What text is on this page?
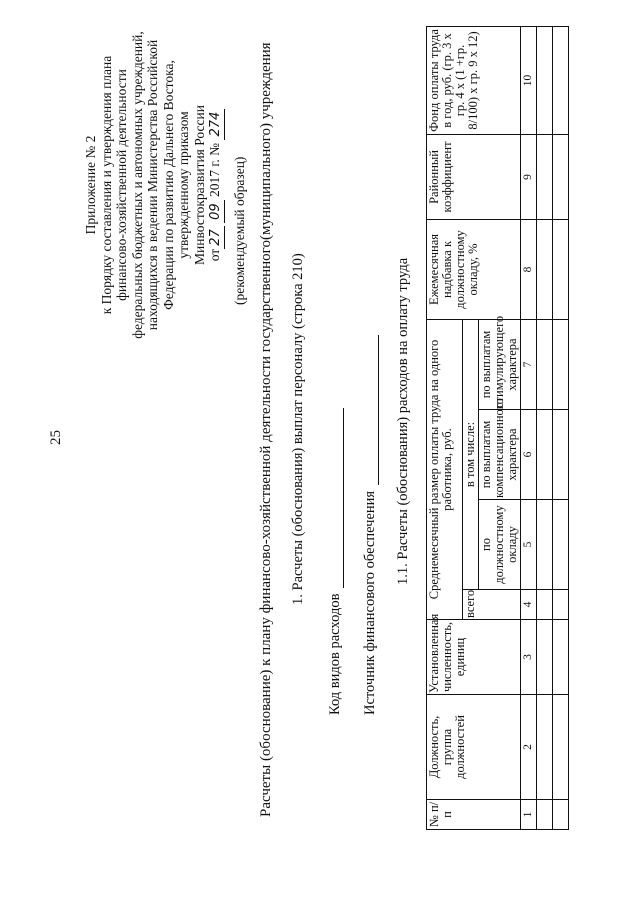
25
Приложение № 2 к Порядку составления и утверждения плана финансово-хозяйственной деятельности федеральных бюджетных и автономных учреждений, находящихся в ведении Министерства Российской Федерации по развитию Дальнего Востока, утвержденному приказом Минвостокразвития России от27 09 2017 г. № 274
(рекомендуемый образец) Расчеты (обоснование) к плану финансово-хозяйственной деятельности государственного(муниципального) учреждения 1. Расчеты (обоснования) выплат персоналу (строка 210)
Код видов расходов Источник финансового обеспечения
1.1. Расчеты (обоснования) расходов на оплату труда
№ п/п	Должность, группа должностей	Установленная численность, единиц	Среднемесячный размер оплаты труда на одного работника, руб.				Ежемесячная надбавка к должностному окладу, %	Районный коэффициент	Фонд оплаты труда в год, руб. (гр. 3 х гр. 4 х (1 +гр. 8/100) х гр. 9 х 12)
			всего	в том числе:					
				по должностному окладу	по выплатам компенсационного характера	по выплатам стимулирующего характера			
1	2	3	4	5	6	7	8	9	10
